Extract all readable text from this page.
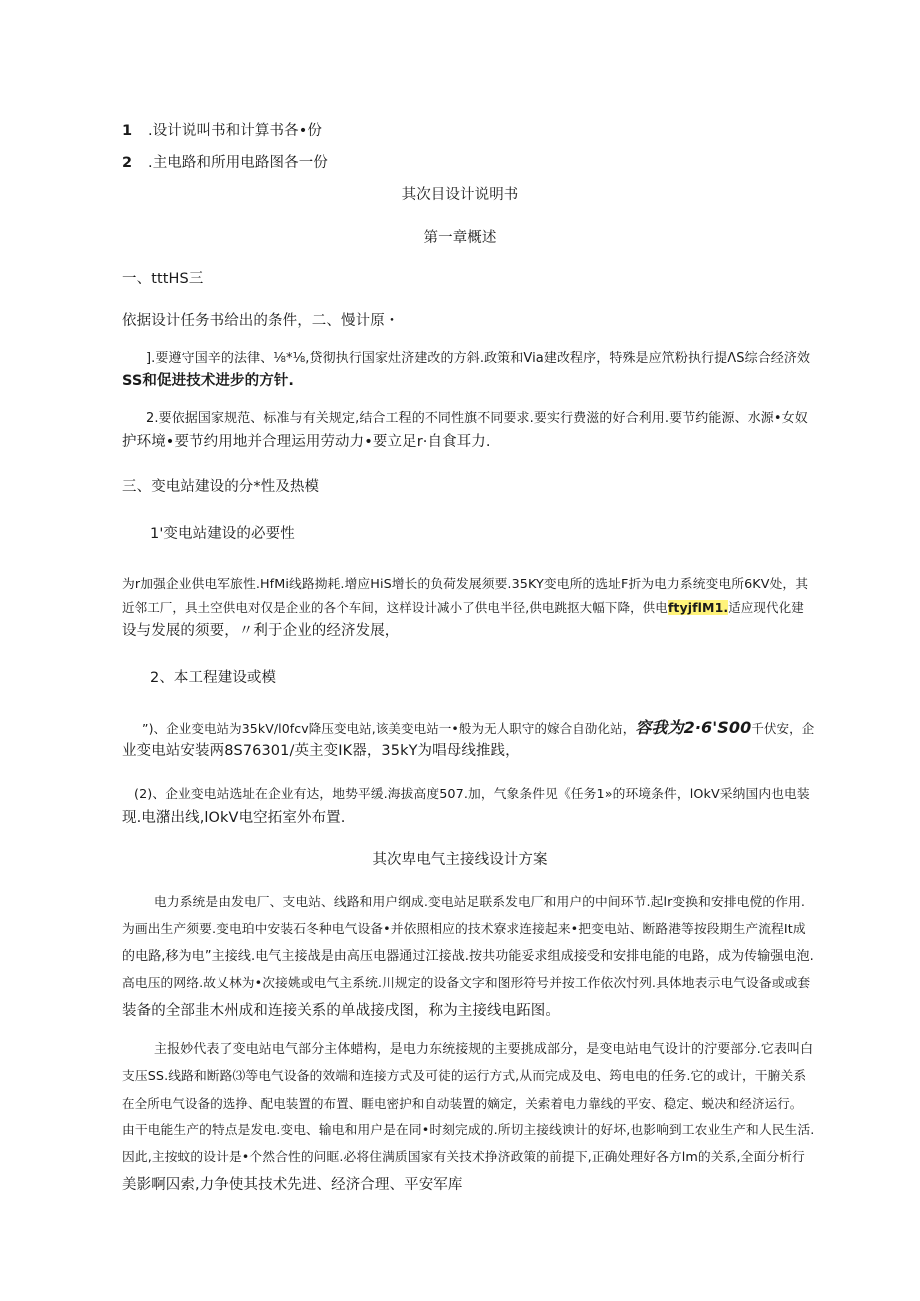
1 .设计说叫书和计算书各•份

2 .主电路和所用电路图各一份

其次目设计说明书

第一章概述

一、tttHS三

依据设计任务书给出的条件，二、慢计原・

].要遵守国辛的法律、⅛*⅛,贷彻执行国家灶济建改的方斜.政策和Via建改程序，特殊是应笊粉执行提ΛS综合经济效

SS和促进技术进步的方针.

2.要依据国家规范、标准与有关规定,结合工程的不同性旗不同要求.要实行费滋的好合利用.要节约能源、水源•女奴

护环境•要节约用地并合理运用劳动力•要立足r·自食耳力.

三、变电站建设的分*性及热模

1'变电站建设的必要性

为r加强企业供电军旅性.HfMi线路拗耗.增应HiS增长的负荷发展须要.35KY变电所的选址F折为电力系统变电所6KV处，其

近邻工厂，具土空供电对仅是企业的各个车间，这样设计减小了供电半径,供电跳抠大幅下降，供电ftyjflM1.适应现代化建

设与发展的须要，〃利于企业的经济发展，

2、本工程建设或模

”)、企业变电站为35kV∕l0fcv降压变电站,该美变电站一•般为无人职守的嫁合自劭化站，容我为2·6'S00千伏安，企

业变电站安装两8S76301/英主变IK器，35kY为唱母线推践，

(2)、企业变电站选址在企业有达，地势平缓.海拔高度507.加，气象条件见《任务1»的环境条件，lOkV采纳国内也电装

现.电潴出线,lOkV电空拓室外布置.

其次卑电气主接线设计方案

电力系统是由发电厂、支电站、线路和用户纲成.变电站足联系发电厂和用户的中间环节.起lr变换和安排电傥的作用.

为画出生产须要.变电珀中安装石冬种电气设备•并依照相应的技术寮求连接起来•把变电站、断路港等按段期生产流程It成

的电路,移为电”主接线.电气主接战是由高压电器通过江接战.按共功能妥求组成接受和安排电能的电路，成为传输强电泡.

高电压的网络.故乂林为•次接姚或电气主系统.川规定的设备文字和图形符号并按工作依次忖列.具体地表示电气设备或或套

装备的全部韭木州成和连接关系的单战接戌图，称为主接线电跖图。

主报妙代表了变电站电气部分主体蜡构，是电力东统接规的主要挑成部分，是变电站电气设计的泞要部分.它表叫白

支压SS.线路和断路⑶等电气设备的效端和连接方式及可徒的运行方式,从而完成及电、筠电电的任务.它的或计，干腑关系

在全所电气设备的选挣、配电装置的布置、睚电密护和自动装置的嫡定，关索着电力靠线的平安、稳定、蜕决和经济运行。

由干电能生产的特点是发电.变电、输电和用户是在同•时刻完成的.所切主接线谀计的好坏,也影响到工农业生产和人民生活.

因此,主按蚊的设计是•个然合性的问眶.必将住满质国家有关技术挣济政策的前提下,正确处理好各方lm的关系,全面分析行

美影啊囚索,力争使其技术先进、经济合理、平安军库
